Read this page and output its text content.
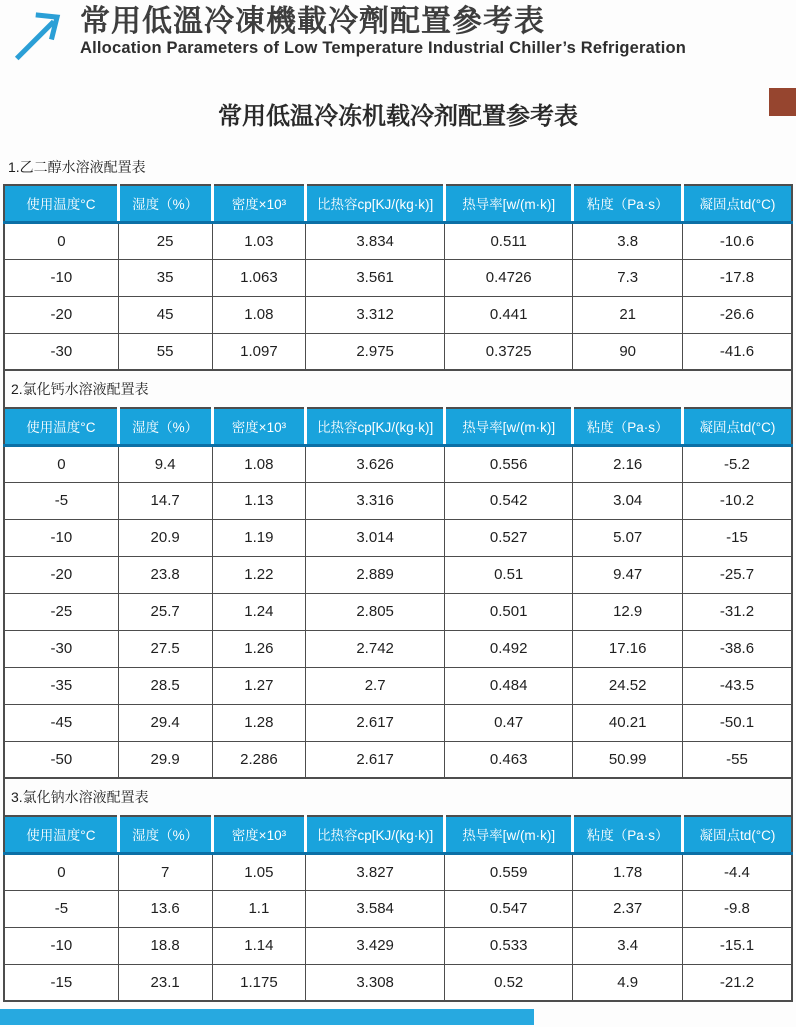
常用低溫冷凍機載冷劑配置參考表
Allocation Parameters of Low Temperature Industrial Chiller’s Refrigeration
常用低温冷冻机载冷剂配置参考表
1.乙二醇水溶液配置表
使用温度°C	湿度（%）	密度×10³	比热容cp[KJ/(kg·k)]	热导率[w/(m·k)]	粘度（Pa·s）	凝固点td(°C)
0	25	1.03	3.834	0.511	3.8	-10.6
-10	35	1.063	3.561	0.4726	7.3	-17.8
-20	45	1.08	3.312	0.441	21	-26.6
-30	55	1.097	2.975	0.3725	90	-41.6
2.氯化钙水溶液配置表
使用温度°C	湿度（%）	密度×10³	比热容cp[KJ/(kg·k)]	热导率[w/(m·k)]	粘度（Pa·s）	凝固点td(°C)
0	9.4	1.08	3.626	0.556	2.16	-5.2
-5	14.7	1.13	3.316	0.542	3.04	-10.2
-10	20.9	1.19	3.014	0.527	5.07	-15
-20	23.8	1.22	2.889	0.51	9.47	-25.7
-25	25.7	1.24	2.805	0.501	12.9	-31.2
-30	27.5	1.26	2.742	0.492	17.16	-38.6
-35	28.5	1.27	2.7	0.484	24.52	-43.5
-45	29.4	1.28	2.617	0.47	40.21	-50.1
-50	29.9	2.286	2.617	0.463	50.99	-55
3.氯化钠水溶液配置表
使用温度°C	湿度（%）	密度×10³	比热容cp[KJ/(kg·k)]	热导率[w/(m·k)]	粘度（Pa·s）	凝固点td(°C)
0	7	1.05	3.827	0.559	1.78	-4.4
-5	13.6	1.1	3.584	0.547	2.37	-9.8
-10	18.8	1.14	3.429	0.533	3.4	-15.1
-15	23.1	1.175	3.308	0.52	4.9	-21.2
